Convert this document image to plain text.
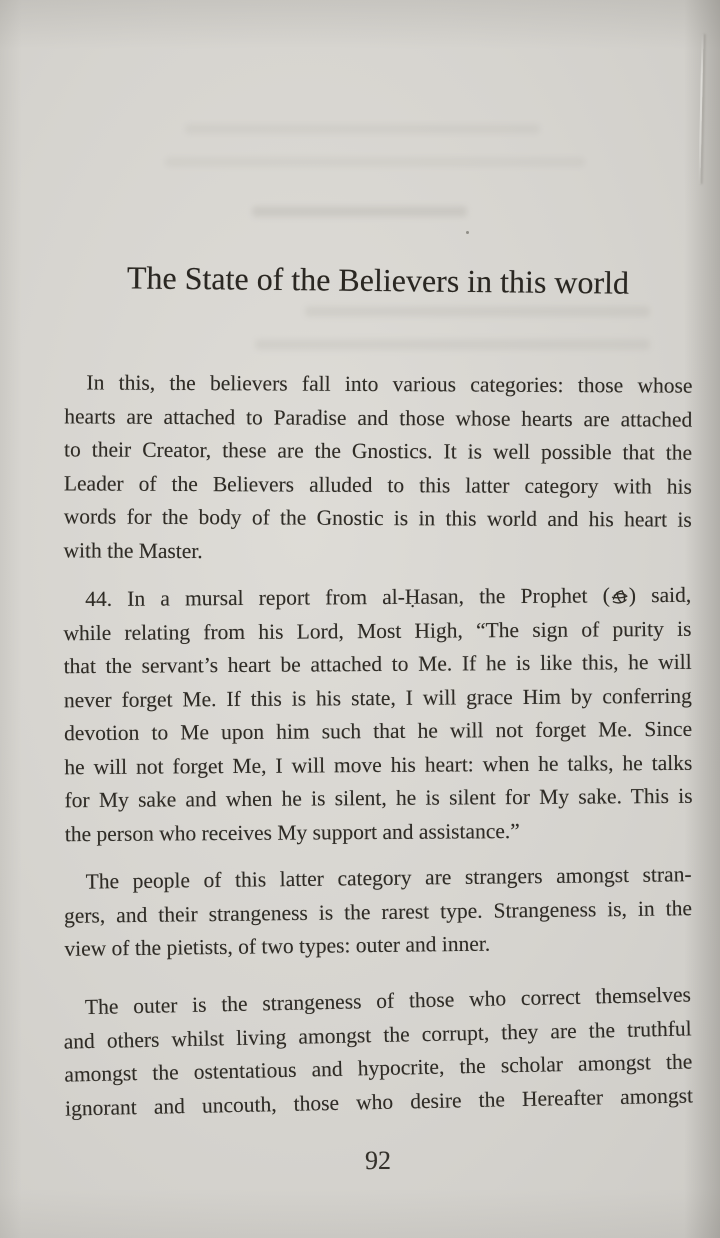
The State of the Believers in this world
In this, the believers fall into various categories: those whose
hearts are attached to Paradise and those whose hearts are attached
to their Creator, these are the Gnostics. It is well possible that the
Leader of the Believers alluded to this latter category with his
words for the body of the Gnostic is in this world and his heart is
with the Master.
44. In a mursal report from al-Ḥasan, the Prophet ( ) said,
while relating from his Lord, Most High, “The sign of purity is
that the servant’s heart be attached to Me. If he is like this, he will
never forget Me. If this is his state, I will grace Him by conferring
devotion to Me upon him such that he will not forget Me. Since
he will not forget Me, I will move his heart: when he talks, he talks
for My sake and when he is silent, he is silent for My sake. This is
the person who receives My support and assistance.”
The people of this latter category are strangers amongst stran-
gers, and their strangeness is the rarest type. Strangeness is, in the
view of the pietists, of two types: outer and inner.
The outer is the strangeness of those who correct themselves
and others whilst living amongst the corrupt, they are the truthful
amongst the ostentatious and hypocrite, the scholar amongst the
ignorant and uncouth, those who desire the Hereafter amongst
92
